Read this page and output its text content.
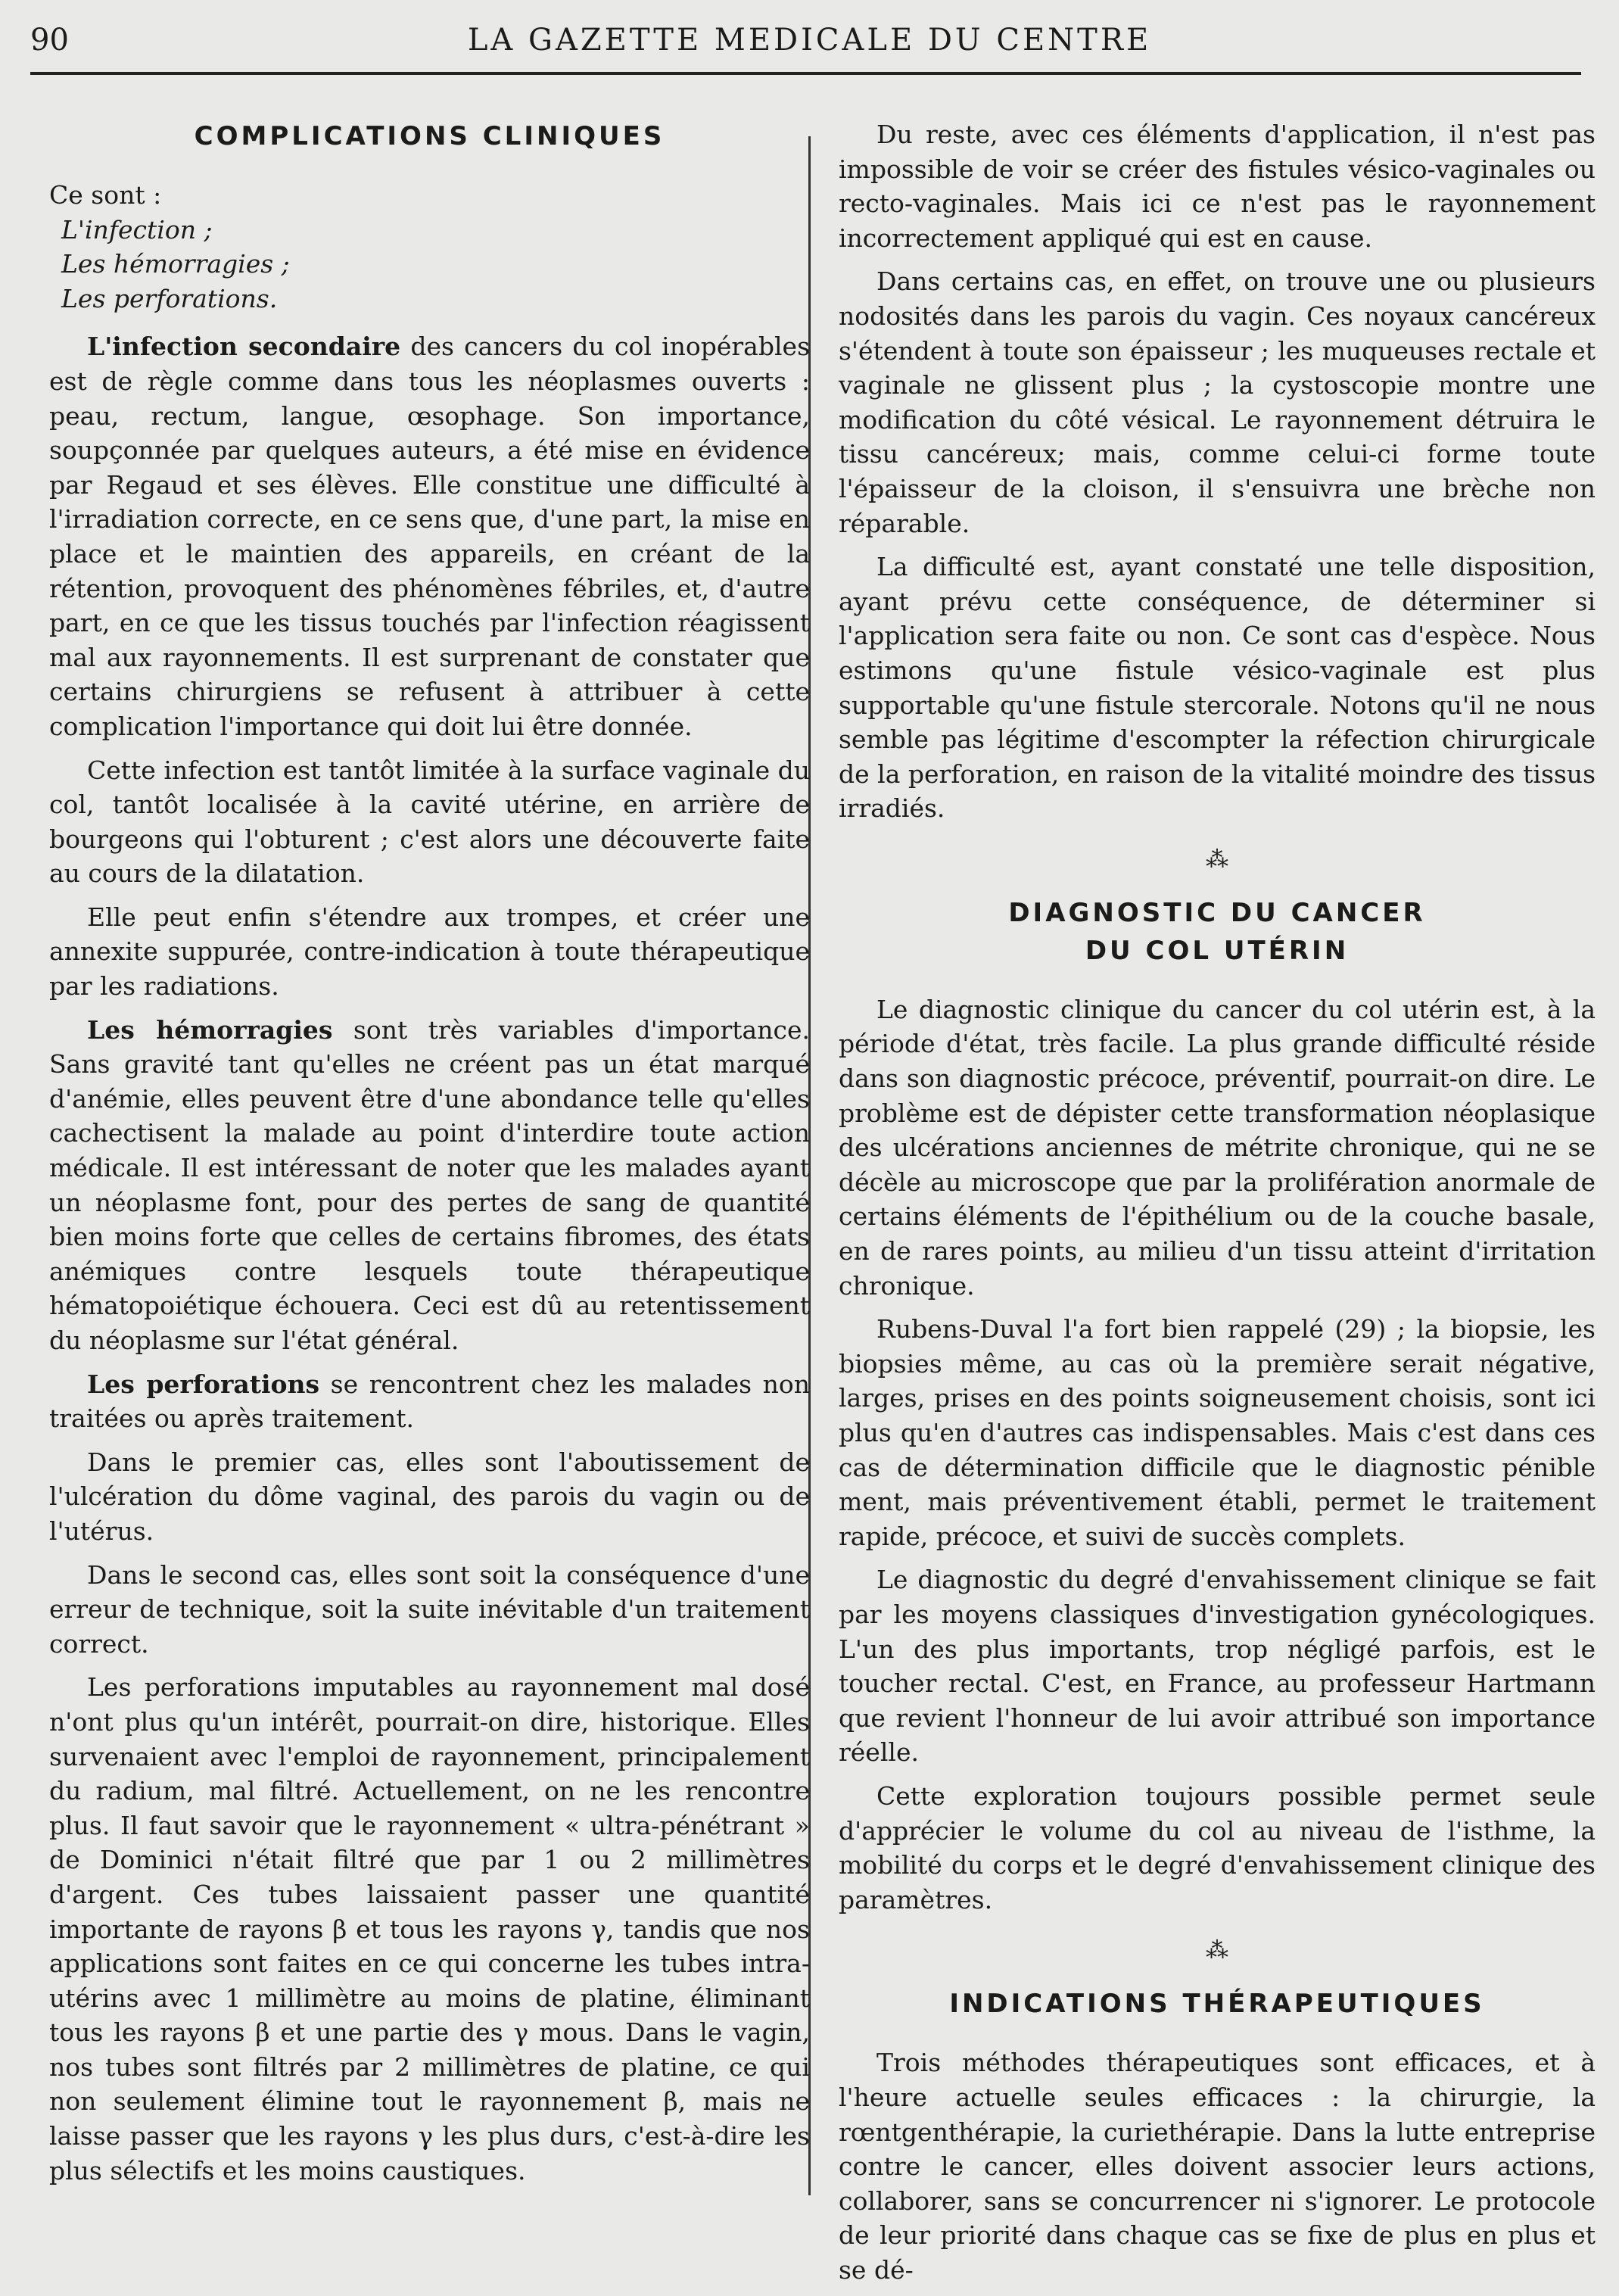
90	LA GAZETTE MEDICALE DU CENTRE
COMPLICATIONS CLINIQUES

Ce sont :

L'infection ;
Les hémorragies ;
Les perforations.

L'infection secondaire des cancers du col inopérables est de règle comme dans tous les néoplasmes ouverts : peau, rectum, langue, œsophage. Son importance, soupçonnée par quelques auteurs, a été mise en évidence par Regaud et ses élèves. Elle constitue une difficulté à l'irradiation correcte, en ce sens que, d'une part, la mise en place et le maintien des appareils, en créant de la rétention, provoquent des phénomènes fébriles, et, d'autre part, en ce que les tissus touchés par l'infection réagissent mal aux rayonnements. Il est surprenant de constater que certains chirurgiens se refusent à attribuer à cette complication l'importance qui doit lui être donnée.

Cette infection est tantôt limitée à la surface vaginale du col, tantôt localisée à la cavité utérine, en arrière de bourgeons qui l'obturent ; c'est alors une découverte faite au cours de la dilatation.

Elle peut enfin s'étendre aux trompes, et créer une annexite suppurée, contre-indication à toute thérapeutique par les radiations.

Les hémorragies sont très variables d'importance. Sans gravité tant qu'elles ne créent pas un état marqué d'anémie, elles peuvent être d'une abondance telle qu'elles cachectisent la malade au point d'interdire toute action médicale. Il est intéressant de noter que les malades ayant un néoplasme font, pour des pertes de sang de quantité bien moins forte que celles de certains fibromes, des états anémiques contre lesquels toute thérapeutique hématopoiétique échouera. Ceci est dû au retentissement du néoplasme sur l'état général.

Les perforations se rencontrent chez les malades non traitées ou après traitement.

Dans le premier cas, elles sont l'aboutissement de l'ulcération du dôme vaginal, des parois du vagin ou de l'utérus.

Dans le second cas, elles sont soit la conséquence d'une erreur de technique, soit la suite inévitable d'un traitement correct.

Les perforations imputables au rayonnement mal dosé n'ont plus qu'un intérêt, pourrait-on dire, historique. Elles survenaient avec l'emploi de rayonnement, principalement du radium, mal filtré. Actuellement, on ne les rencontre plus. Il faut savoir que le rayonnement « ultra-pénétrant » de Dominici n'était filtré que par 1 ou 2 millimètres d'argent. Ces tubes laissaient passer une quantité importante de rayons β et tous les rayons γ, tandis que nos applications sont faites en ce qui concerne les tubes intra-utérins avec 1 millimètre au moins de platine, éliminant tous les rayons β et une partie des γ mous. Dans le vagin, nos tubes sont filtrés par 2 millimètres de platine, ce qui non seulement élimine tout le rayonnement β, mais ne laisse passer que les rayons γ les plus durs, c'est-à-dire les plus sélectifs et les moins caustiques.

Du reste, avec ces éléments d'application, il n'est pas impossible de voir se créer des fistules vésico-vaginales ou recto-vaginales. Mais ici ce n'est pas le rayonnement incorrectement appliqué qui est en cause.

Dans certains cas, en effet, on trouve une ou plusieurs nodosités dans les parois du vagin. Ces noyaux cancéreux s'étendent à toute son épaisseur ; les muqueuses rectale et vaginale ne glissent plus ; la cystoscopie montre une modification du côté vésical. Le rayonnement détruira le tissu cancéreux; mais, comme celui-ci forme toute l'épaisseur de la cloison, il s'ensuivra une brèche non réparable.

La difficulté est, ayant constaté une telle disposition, ayant prévu cette conséquence, de déterminer si l'application sera faite ou non. Ce sont cas d'espèce. Nous estimons qu'une fistule vésico-vaginale est plus supportable qu'une fistule stercorale. Notons qu'il ne nous semble pas légitime d'escompter la réfection chirurgicale de la perforation, en raison de la vitalité moindre des tissus irradiés.

⁂
DIAGNOSTIC DU CANCER
DU COL UTÉRIN

Le diagnostic clinique du cancer du col utérin est, à la période d'état, très facile. La plus grande difficulté réside dans son diagnostic précoce, préventif, pourrait-on dire. Le problème est de dépister cette transformation néoplasique des ulcérations anciennes de métrite chronique, qui ne se décèle au microscope que par la prolifération anormale de certains éléments de l'épithélium ou de la couche basale, en de rares points, au milieu d'un tissu atteint d'irritation chronique.

Rubens-Duval l'a fort bien rappelé (29) ; la biopsie, les biopsies même, au cas où la première serait négative, larges, prises en des points soigneusement choisis, sont ici plus qu'en d'autres cas indispensables. Mais c'est dans ces cas de détermination difficile que le diagnostic pénible ment, mais préventivement établi, permet le traitement rapide, précoce, et suivi de succès complets.

Le diagnostic du degré d'envahissement clinique se fait par les moyens classiques d'investigation gynécologiques. L'un des plus importants, trop négligé parfois, est le toucher rectal. C'est, en France, au professeur Hartmann que revient l'honneur de lui avoir attribué son importance réelle.

Cette exploration toujours possible permet seule d'apprécier le volume du col au niveau de l'isthme, la mobilité du corps et le degré d'envahissement clinique des paramètres.

⁂
INDICATIONS THÉRAPEUTIQUES

Trois méthodes thérapeutiques sont efficaces, et à l'heure actuelle seules efficaces : la chirurgie, la rœntgenthérapie, la curiethérapie. Dans la lutte entreprise contre le cancer, elles doivent associer leurs actions, collaborer, sans se concurrencer ni s'ignorer. Le protocole de leur priorité dans chaque cas se fixe de plus en plus et se dé-
